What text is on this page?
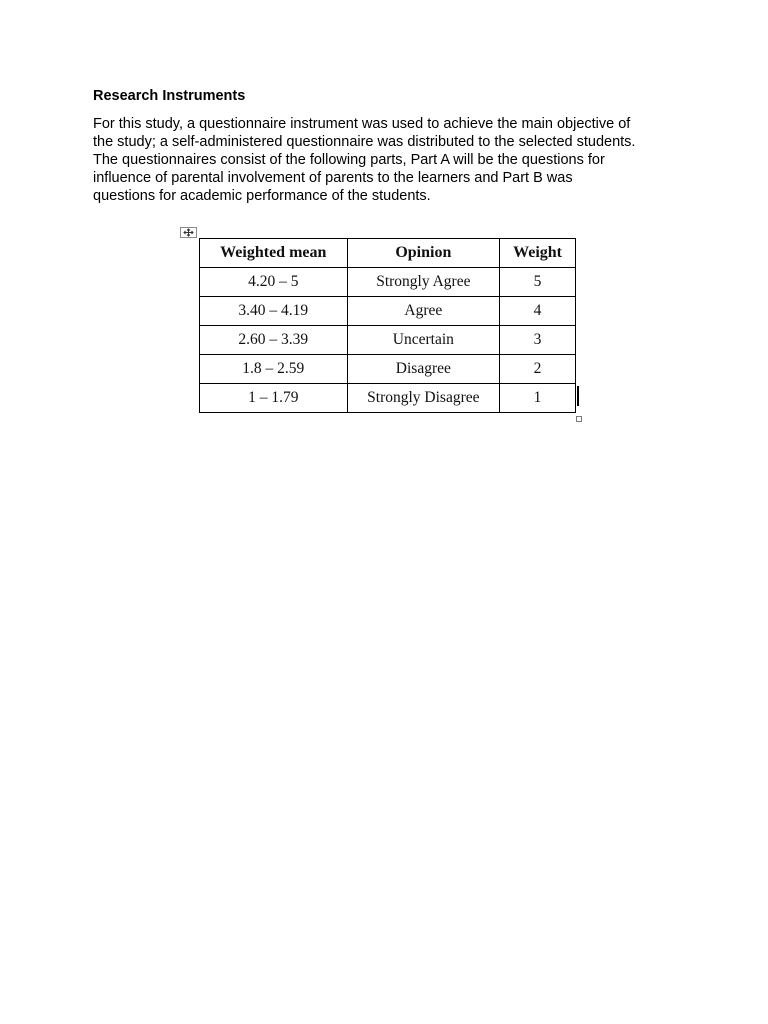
Research Instruments
For this study, a questionnaire instrument was used to achieve the main objective of
the study; a self-administered questionnaire was distributed to the selected students.
The questionnaires consist of the following parts, Part A will be the questions for
influence of parental involvement of parents to the learners and Part B was
questions for academic performance of the students.
Weighted mean	Opinion	Weight
4.20 – 5	Strongly Agree	5
3.40 – 4.19	Agree	4
2.60 – 3.39	Uncertain	3
1.8 – 2.59	Disagree	2
1 – 1.79	Strongly Disagree	1
